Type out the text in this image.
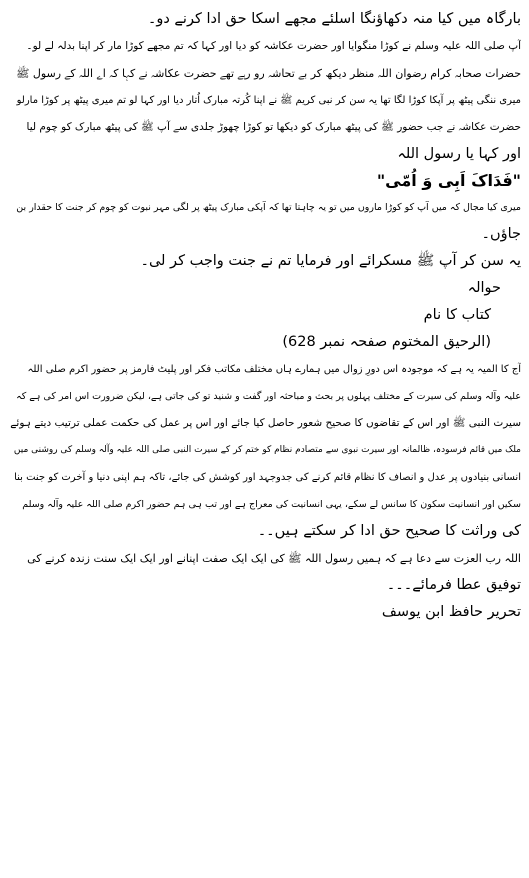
بارگاہ میں کیا منہ دکھاؤنگا اسلئے مجھے اسکا حق ادا کرنے دو۔
آپ صلی اللہ علیہ وسلم نے کوڑا منگوایا اور حضرت عکاشہ کو دیا اور کہا کہ تم مجھے کوڑا مار کر اپنا بدلہ لے لو۔
حضرات صحابہ کرام رضوان اللہ منظر دیکھ کر بے تحاشہ رو رہے تھے حضرت عکاشہ نے کہا کہ اے اللہ کے رسول ﷺ
میری ننگی پیٹھ پر آپکا کوڑا لگا تھا یہ سن کر نبی کریم ﷺ نے اپنا کُرتہ مبارک اُتار دیا اور کہا لو تم میری پیٹھ پر کوڑا مارلو
حضرت عکاشہ نے جب حضور ﷺ کی پیٹھ مبارک کو دیکھا تو کوڑا چھوڑ جلدی سے آپ ﷺ کی پیٹھ مبارک کو چوم لیا
اور کہا یا رسول اللہ
"فَدَاکَ اَبِی وَ اُمّی"
میری کیا مجال کہ میں آپ کو کوڑا ماروں میں تو یہ چاہتا تھا کہ آپکی مبارک پیٹھ پر لگی مہر نبوت کو چوم کر جنت کا حقدار بن
جاؤں۔
یہ سن کر آپ ﷺ مسکرائے اور فرمایا تم نے جنت واجب کر لی۔
حوالہ
کتاب کا نام
(الرحیق المختوم صفحہ نمبر 628)
آج کا المیہ یہ ہے کہ موجودہ اس دورِ زوال میں ہمارے ہاں مختلف مکاتب فکر اور پلیٹ فارمز پر حضور اکرم صلی اللہ
علیہ وآلہ وسلم کی سیرت کے مختلف پہلوں پر بحث و مباحثہ اور گفت و شنید تو کی جاتی ہے، لیکن ضرورت اس امر کی ہے کہ
سیرت النبی ﷺ اور اس کے تقاضوں کا صحیح شعور حاصل کیا جائے اور اس پر عمل کی حکمت عملی ترتیب دیتے ہوئے
ملک میں قائم فرسودہ، ظالمانہ اور سیرت نبوی سے متصادم نظام کو ختم کر کے سیرت النبی صلی اللہ علیہ وآلہ وسلم کی روشنی میں
انسانی بنیادوں پر عدل و انصاف کا نظام قائم کرنے کی جدوجہد اور کوشش کی جائے، تاکہ ہم اپنی دنیا و آخرت کو جنت بنا
سکیں اور انسانیت سکون کا سانس لے سکے، یہی انسانیت کی معراج ہے اور تب ہی ہم حضور اکرم صلی اللہ علیہ وآلہ وسلم
کی وراثت کا صحیح حق ادا کر سکتے ہیں۔۔
اللہ رب العزت سے دعا ہے کہ ہمیں رسول اللہ ﷺ کی ایک ایک صفت اپنانے اور ایک ایک سنت زندہ کرنے کی
توفیق عطا فرمائے۔۔۔
تحریر حافظ ابن یوسف
